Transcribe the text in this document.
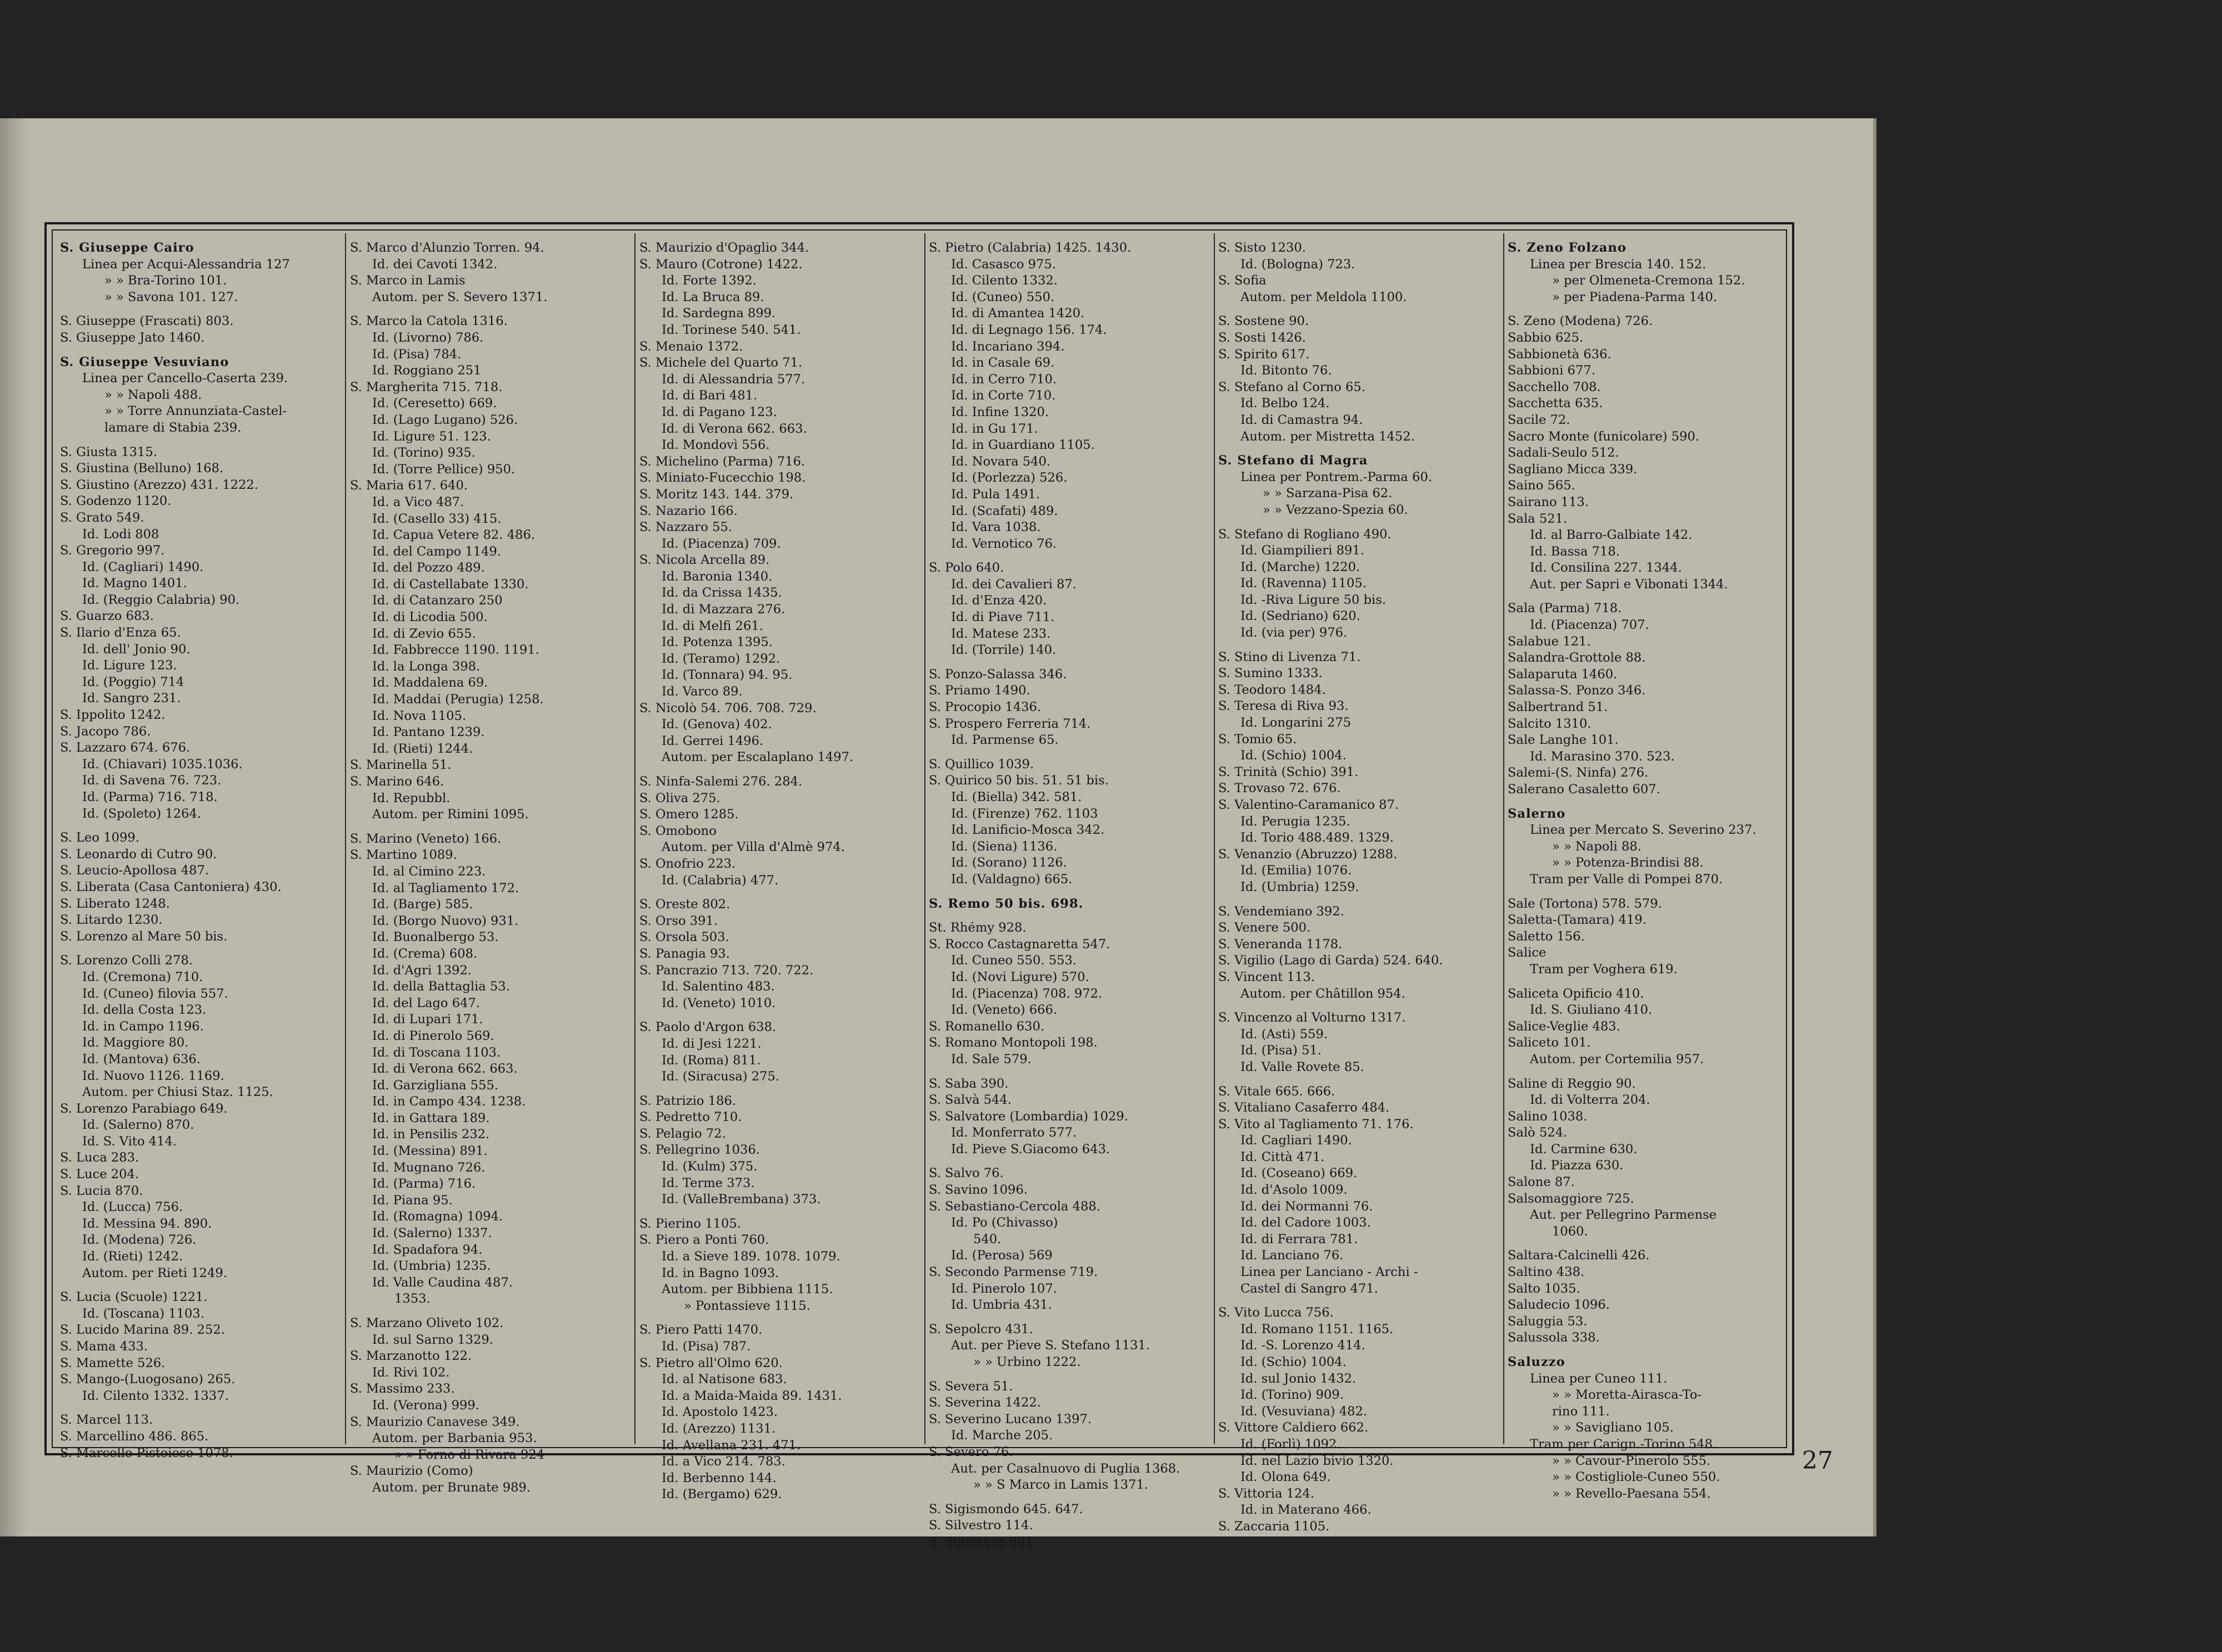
S. Giuseppe Cairo
Linea per Acqui-Alessandria 127
» » Bra-Torino 101.
» » Savona 101. 127.
S. Giuseppe (Frascati) 803.
S. Giuseppe Jato 1460.
S. Giuseppe Vesuviano
Linea per Cancello-Caserta 239.
» » Napoli 488.
» » Torre Annunziata-Castel-
lamare di Stabia 239.
S. Giusta 1315.
S. Giustina (Belluno) 168.
S. Giustino (Arezzo) 431. 1222.
S. Godenzo 1120.
S. Grato 549.
Id. Lodi 808
S. Gregorio 997.
Id. (Cagliari) 1490.
Id. Magno 1401.
Id. (Reggio Calabria) 90.
S. Guarzo 683.
S. Ilario d'Enza 65.
Id. dell' Jonio 90.
Id. Ligure 123.
Id. (Poggio) 714
Id. Sangro 231.
S. Ippolito 1242.
S. Jacopo 786.
S. Lazzaro 674. 676.
Id. (Chiavari) 1035.1036.
Id. di Savena 76. 723.
Id. (Parma) 716. 718.
Id. (Spoleto) 1264.
S. Leo 1099.
S. Leonardo di Cutro 90.
S. Leucio-Apollosa 487.
S. Liberata (Casa Cantoniera) 430.
S. Liberato 1248.
S. Litardo 1230.
S. Lorenzo al Mare 50 bis.
S. Lorenzo Colli 278.
Id. (Cremona) 710.
Id. (Cuneo) filovia 557.
Id. della Costa 123.
Id. in Campo 1196.
Id. Maggiore 80.
Id. (Mantova) 636.
Id. Nuovo 1126. 1169.
Autom. per Chiusi Staz. 1125.
S. Lorenzo Parabiago 649.
Id. (Salerno) 870.
Id. S. Vito 414.
S. Luca 283.
S. Luce 204.
S. Lucia 870.
Id. (Lucca) 756.
Id. Messina 94. 890.
Id. (Modena) 726.
Id. (Rieti) 1242.
Autom. per Rieti 1249.
S. Lucia (Scuole) 1221.
Id. (Toscana) 1103.
S. Lucido Marina 89. 252.
S. Mama 433.
S. Mamette 526.
S. Mango-(Luogosano) 265.
Id. Cilento 1332. 1337.
S. Marcel 113.
S. Marcellino 486. 865.
S. Marcello Pistoiese 1078.
S. Marco d'Alunzio Torren. 94.
Id. dei Cavoti 1342.
S. Marco in Lamis
Autom. per S. Severo 1371.
S. Marco la Catola 1316.
Id. (Livorno) 786.
Id. (Pisa) 784.
Id. Roggiano 251
S. Margherita 715. 718.
Id. (Ceresetto) 669.
Id. (Lago Lugano) 526.
Id. Ligure 51. 123.
Id. (Torino) 935.
Id. (Torre Pellice) 950.
S. Maria 617. 640.
Id. a Vico 487.
Id. (Casello 33) 415.
Id. Capua Vetere 82. 486.
Id. del Campo 1149.
Id. del Pozzo 489.
Id. di Castellabate 1330.
Id. di Catanzaro 250
Id. di Licodia 500.
Id. di Zevio 655.
Id. Fabbrecce 1190. 1191.
Id. la Longa 398.
Id. Maddalena 69.
Id. Maddai (Perugia) 1258.
Id. Nova 1105.
Id. Pantano 1239.
Id. (Rieti) 1244.
S. Marinella 51.
S. Marino 646.
Id. Repubbl.
Autom. per Rimini 1095.
S. Marino (Veneto) 166.
S. Martino 1089.
Id. al Cimino 223.
Id. al Tagliamento 172.
Id. (Barge) 585.
Id. (Borgo Nuovo) 931.
Id. Buonalbergo 53.
Id. (Crema) 608.
Id. d'Agri 1392.
Id. della Battaglia 53.
Id. del Lago 647.
Id. di Lupari 171.
Id. di Pinerolo 569.
Id. di Toscana 1103.
Id. di Verona 662. 663.
Id. Garzigliana 555.
Id. in Campo 434. 1238.
Id. in Gattara 189.
Id. in Pensilis 232.
Id. (Messina) 891.
Id. Mugnano 726.
Id. (Parma) 716.
Id. Piana 95.
Id. (Romagna) 1094.
Id. (Salerno) 1337.
Id. Spadafora 94.
Id. (Umbria) 1235.
Id. Valle Caudina 487.
1353.
S. Marzano Oliveto 102.
Id. sul Sarno 1329.
S. Marzanotto 122.
Id. Rivi 102.
S. Massimo 233.
Id. (Verona) 999.
S. Maurizio Canavese 349.
Autom. per Barbania 953.
» » Forno di Rivara 924
S. Maurizio (Como)
Autom. per Brunate 989.
S. Maurizio d'Opaglio 344.
S. Mauro (Cotrone) 1422.
Id. Forte 1392.
Id. La Bruca 89.
Id. Sardegna 899.
Id. Torinese 540. 541.
S. Menaio 1372.
S. Michele del Quarto 71.
Id. di Alessandria 577.
Id. di Bari 481.
Id. di Pagano 123.
Id. di Verona 662. 663.
Id. Mondovì 556.
S. Michelino (Parma) 716.
S. Miniato-Fucecchio 198.
S. Moritz 143. 144. 379.
S. Nazario 166.
S. Nazzaro 55.
Id. (Piacenza) 709.
S. Nicola Arcella 89.
Id. Baronia 1340.
Id. da Crissa 1435.
Id. di Mazzara 276.
Id. di Melfi 261.
Id. Potenza 1395.
Id. (Teramo) 1292.
Id. (Tonnara) 94. 95.
Id. Varco 89.
S. Nicolò 54. 706. 708. 729.
Id. (Genova) 402.
Id. Gerrei 1496.
Autom. per Escalaplano 1497.
S. Ninfa-Salemi 276. 284.
S. Oliva 275.
S. Omero 1285.
S. Omobono
Autom. per Villa d'Almè 974.
S. Onofrio 223.
Id. (Calabria) 477.
S. Oreste 802.
S. Orso 391.
S. Orsola 503.
S. Panagia 93.
S. Pancrazio 713. 720. 722.
Id. Salentino 483.
Id. (Veneto) 1010.
S. Paolo d'Argon 638.
Id. di Jesi 1221.
Id. (Roma) 811.
Id. (Siracusa) 275.
S. Patrizio 186.
S. Pedretto 710.
S. Pelagio 72.
S. Pellegrino 1036.
Id. (Kulm) 375.
Id. Terme 373.
Id. (ValleBrembana) 373.
S. Pierino 1105.
S. Piero a Ponti 760.
Id. a Sieve 189. 1078. 1079.
Id. in Bagno 1093.
Autom. per Bibbiena 1115.
» Pontassieve 1115.
S. Piero Patti 1470.
Id. (Pisa) 787.
S. Pietro all'Olmo 620.
Id. al Natisone 683.
Id. a Maida-Maida 89. 1431.
Id. Apostolo 1423.
Id. (Arezzo) 1131.
Id. Avellana 231. 471.
Id. a Vico 214. 783.
Id. Berbenno 144.
Id. (Bergamo) 629.
S. Pietro (Calabria) 1425. 1430.
Id. Casasco 975.
Id. Cilento 1332.
Id. (Cuneo) 550.
Id. di Amantea 1420.
Id. di Legnago 156. 174.
Id. Incariano 394.
Id. in Casale 69.
Id. in Cerro 710.
Id. in Corte 710.
Id. Infine 1320.
Id. in Gu 171.
Id. in Guardiano 1105.
Id. Novara 540.
Id. (Porlezza) 526.
Id. Pula 1491.
Id. (Scafati) 489.
Id. Vara 1038.
Id. Vernotico 76.
S. Polo 640.
Id. dei Cavalieri 87.
Id. d'Enza 420.
Id. di Piave 711.
Id. Matese 233.
Id. (Torrile) 140.
S. Ponzo-Salassa 346.
S. Priamo 1490.
S. Procopio 1436.
S. Prospero Ferreria 714.
Id. Parmense 65.
S. Quillico 1039.
S. Quirico 50 bis. 51. 51 bis.
Id. (Biella) 342. 581.
Id. (Firenze) 762. 1103
Id. Lanificio-Mosca 342.
Id. (Siena) 1136.
Id. (Sorano) 1126.
Id. (Valdagno) 665.
S. Remo 50 bis. 698.
St. Rhémy 928.
S. Rocco Castagnaretta 547.
Id. Cuneo 550. 553.
Id. (Novi Ligure) 570.
Id. (Piacenza) 708. 972.
Id. (Veneto) 666.
S. Romanello 630.
S. Romano Montopoli 198.
Id. Sale 579.
S. Saba 390.
S. Salvà 544.
S. Salvatore (Lombardia) 1029.
Id. Monferrato 577.
Id. Pieve S.Giacomo 643.
S. Salvo 76.
S. Savino 1096.
S. Sebastiano-Cercola 488.
Id. Po (Chivasso)
540.
Id. (Perosa) 569
S. Secondo Parmense 719.
Id. Pinerolo 107.
Id. Umbria 431.
S. Sepolcro 431.
Aut. per Pieve S. Stefano 1131.
» » Urbino 1222.
S. Severa 51.
S. Severina 1422.
S. Severino Lucano 1397.
Id. Marche 205.
S. Severo 76.
Aut. per Casalnuovo di Puglia 1368.
» » S Marco in Lamis 1371.
S. Sigismondo 645. 647.
S. Silvestro 114.
S. Sinforosa 801.
S. Sisto 1230.
Id. (Bologna) 723.
S. Sofia
Autom. per Meldola 1100.
S. Sostene 90.
S. Sosti 1426.
S. Spirito 617.
Id. Bitonto 76.
S. Stefano al Corno 65.
Id. Belbo 124.
Id. di Camastra 94.
Autom. per Mistretta 1452.
S. Stefano di Magra
Linea per Pontrem.-Parma 60.
» » Sarzana-Pisa 62.
» » Vezzano-Spezia 60.
S. Stefano di Rogliano 490.
Id. Giampilieri 891.
Id. (Marche) 1220.
Id. (Ravenna) 1105.
Id. -Riva Ligure 50 bis.
Id. (Sedriano) 620.
Id. (via per) 976.
S. Stino di Livenza 71.
S. Sumino 1333.
S. Teodoro 1484.
S. Teresa di Riva 93.
Id. Longarini 275
S. Tomio 65.
Id. (Schio) 1004.
S. Trinità (Schio) 391.
S. Trovaso 72. 676.
S. Valentino-Caramanico 87.
Id. Perugia 1235.
Id. Torio 488.489. 1329.
S. Venanzio (Abruzzo) 1288.
Id. (Emilia) 1076.
Id. (Umbria) 1259.
S. Vendemiano 392.
S. Venere 500.
S. Veneranda 1178.
S. Vigilio (Lago di Garda) 524. 640.
S. Vincent 113.
Autom. per Châtillon 954.
S. Vincenzo al Volturno 1317.
Id. (Asti) 559.
Id. (Pisa) 51.
Id. Valle Rovete 85.
S. Vitale 665. 666.
S. Vitaliano Casaferro 484.
S. Vito al Tagliamento 71. 176.
Id. Cagliari 1490.
Id. Città 471.
Id. (Coseano) 669.
Id. d'Asolo 1009.
Id. dei Normanni 76.
Id. del Cadore 1003.
Id. di Ferrara 781.
Id. Lanciano 76.
Linea per Lanciano - Archi -
Castel di Sangro 471.
S. Vito Lucca 756.
Id. Romano 1151. 1165.
Id. -S. Lorenzo 414.
Id. (Schio) 1004.
Id. sul Jonio 1432.
Id. (Torino) 909.
Id. (Vesuviana) 482.
S. Vittore Caldiero 662.
Id. (Forlì) 1092.
Id. nel Lazio bivio 1320.
Id. Olona 649.
S. Vittoria 124.
Id. in Materano 466.
S. Zaccaria 1105.
S. Zeno Folzano
Linea per Brescia 140. 152.
» per Olmeneta-Cremona 152.
» per Piadena-Parma 140.
S. Zeno (Modena) 726.
Sabbio 625.
Sabbionetà 636.
Sabbioni 677.
Sacchello 708.
Sacchetta 635.
Sacile 72.
Sacro Monte (funicolare) 590.
Sadali-Seulo 512.
Sagliano Micca 339.
Saino 565.
Sairano 113.
Sala 521.
Id. al Barro-Galbiate 142.
Id. Bassa 718.
Id. Consilina 227. 1344.
Aut. per Sapri e Vibonati 1344.
Sala (Parma) 718.
Id. (Piacenza) 707.
Salabue 121.
Salandra-Grottole 88.
Salaparuta 1460.
Salassa-S. Ponzo 346.
Salbertrand 51.
Salcito 1310.
Sale Langhe 101.
Id. Marasino 370. 523.
Salemi-(S. Ninfa) 276.
Salerano Casaletto 607.
Salerno
Linea per Mercato S. Severino 237.
» » Napoli 88.
» » Potenza-Brindisi 88.
Tram per Valle di Pompei 870.
Sale (Tortona) 578. 579.
Saletta-(Tamara) 419.
Saletto 156.
Salice
Tram per Voghera 619.
Saliceta Opificio 410.
Id. S. Giuliano 410.
Salice-Veglie 483.
Saliceto 101.
Autom. per Cortemilia 957.
Saline di Reggio 90.
Id. di Volterra 204.
Salino 1038.
Salò 524.
Id. Carmine 630.
Id. Piazza 630.
Salone 87.
Salsomaggiore 725.
Aut. per Pellegrino Parmense
1060.
Saltara-Calcinelli 426.
Saltino 438.
Salto 1035.
Saludecio 1096.
Saluggia 53.
Salussola 338.
Saluzzo
Linea per Cuneo 111.
» » Moretta-Airasca-To-
rino 111.
» » Savigliano 105.
Tram per Carign.-Torino 548.
» » Cavour-Pinerolo 555.
» » Costigliole-Cuneo 550.
» » Revello-Paesana 554.
27
